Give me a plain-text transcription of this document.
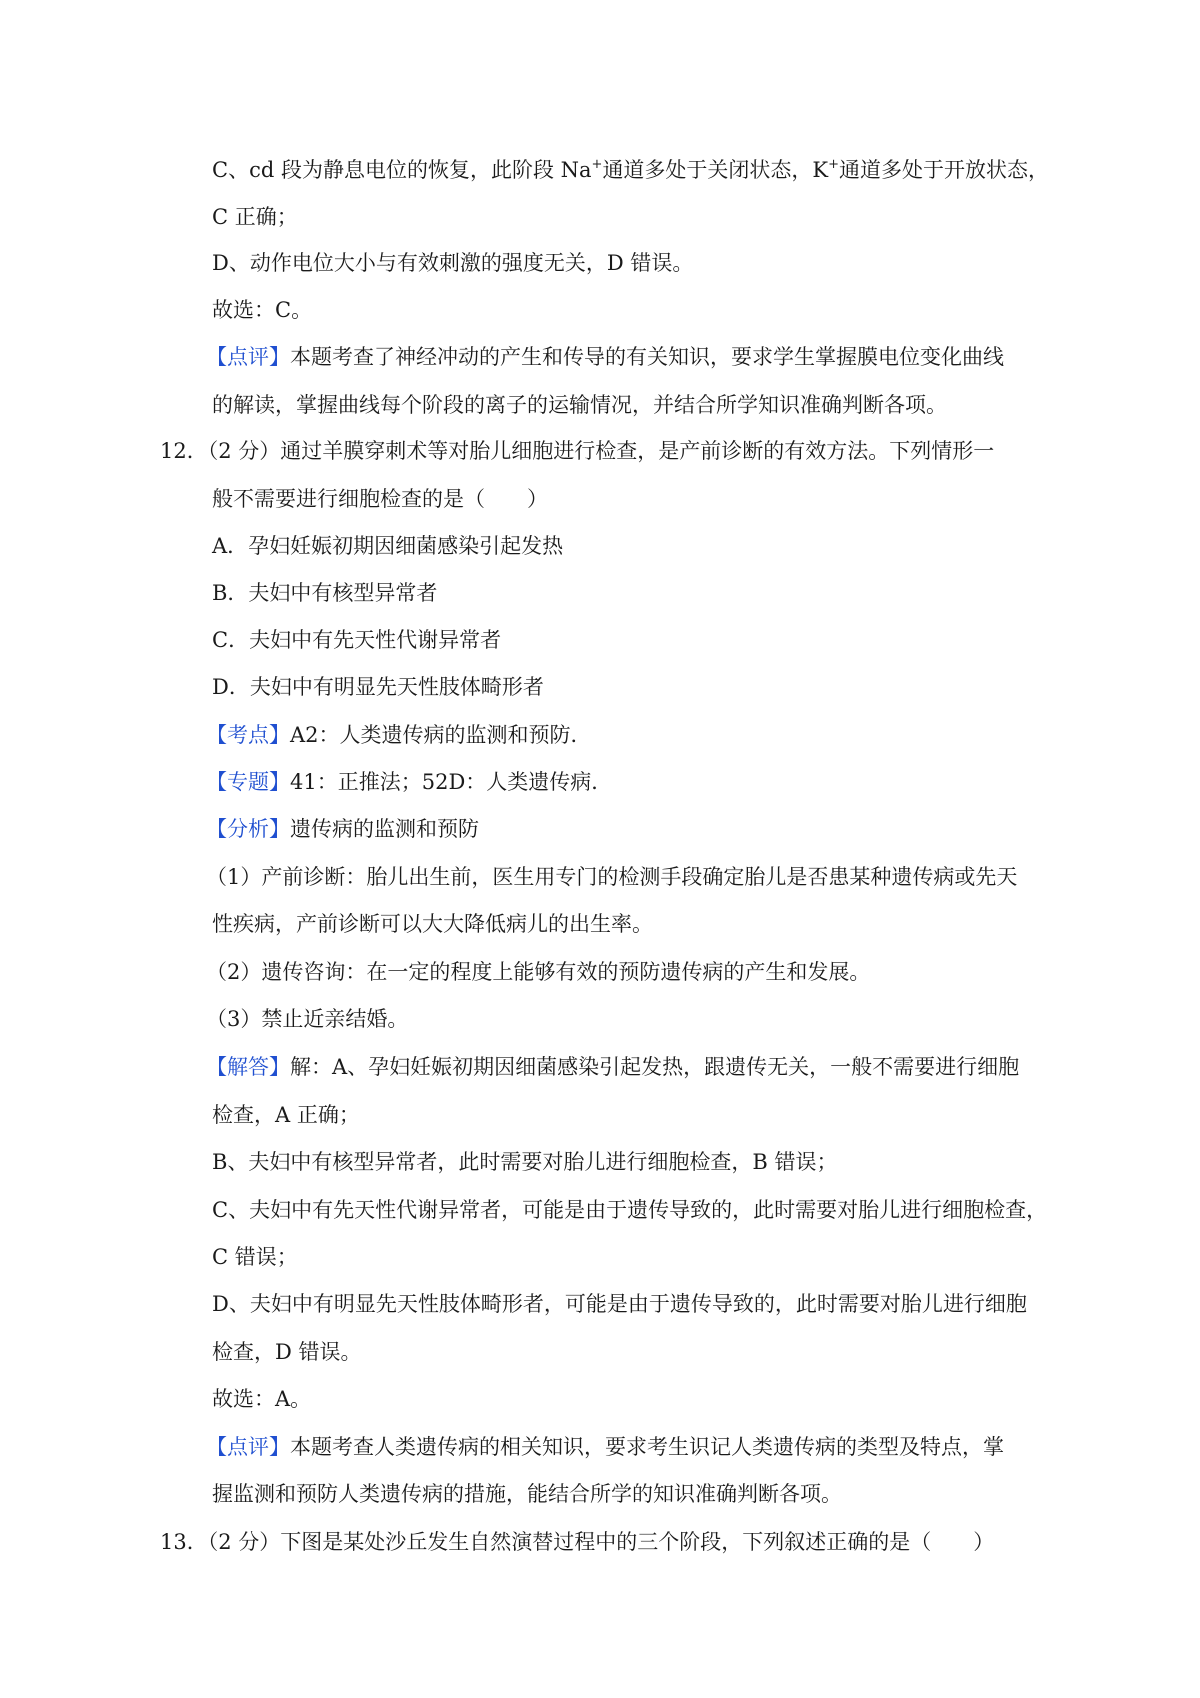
C、cd 段为静息电位的恢复，此阶段 Na+通道多处于关闭状态，K+通道多处于开放状态，
C 正确；
D、动作电位大小与有效刺激的强度无关，D 错误。
故选：C。
【点评】本题考查了神经冲动的产生和传导的有关知识，要求学生掌握膜电位变化曲线
的解读，掌握曲线每个阶段的离子的运输情况，并结合所学知识准确判断各项。
12．（2 分）通过羊膜穿刺术等对胎儿细胞进行检查，是产前诊断的有效方法。下列情形一
般不需要进行细胞检查的是（　　）
A．孕妇妊娠初期因细菌感染引起发热
B．夫妇中有核型异常者
C．夫妇中有先天性代谢异常者
D．夫妇中有明显先天性肢体畸形者
【考点】A2：人类遗传病的监测和预防．
【专题】41：正推法；52D：人类遗传病．
【分析】遗传病的监测和预防
（1）产前诊断：胎儿出生前，医生用专门的检测手段确定胎儿是否患某种遗传病或先天
性疾病，产前诊断可以大大降低病儿的出生率。
（2）遗传咨询：在一定的程度上能够有效的预防遗传病的产生和发展。
（3）禁止近亲结婚。
【解答】解：A、孕妇妊娠初期因细菌感染引起发热，跟遗传无关，一般不需要进行细胞
检查，A 正确；
B、夫妇中有核型异常者，此时需要对胎儿进行细胞检查，B 错误；
C、夫妇中有先天性代谢异常者，可能是由于遗传导致的，此时需要对胎儿进行细胞检查，
C 错误；
D、夫妇中有明显先天性肢体畸形者，可能是由于遗传导致的，此时需要对胎儿进行细胞
检查，D 错误。
故选：A。
【点评】本题考查人类遗传病的相关知识，要求考生识记人类遗传病的类型及特点，掌
握监测和预防人类遗传病的措施，能结合所学的知识准确判断各项。
13．（2 分）下图是某处沙丘发生自然演替过程中的三个阶段，下列叙述正确的是（　　）
